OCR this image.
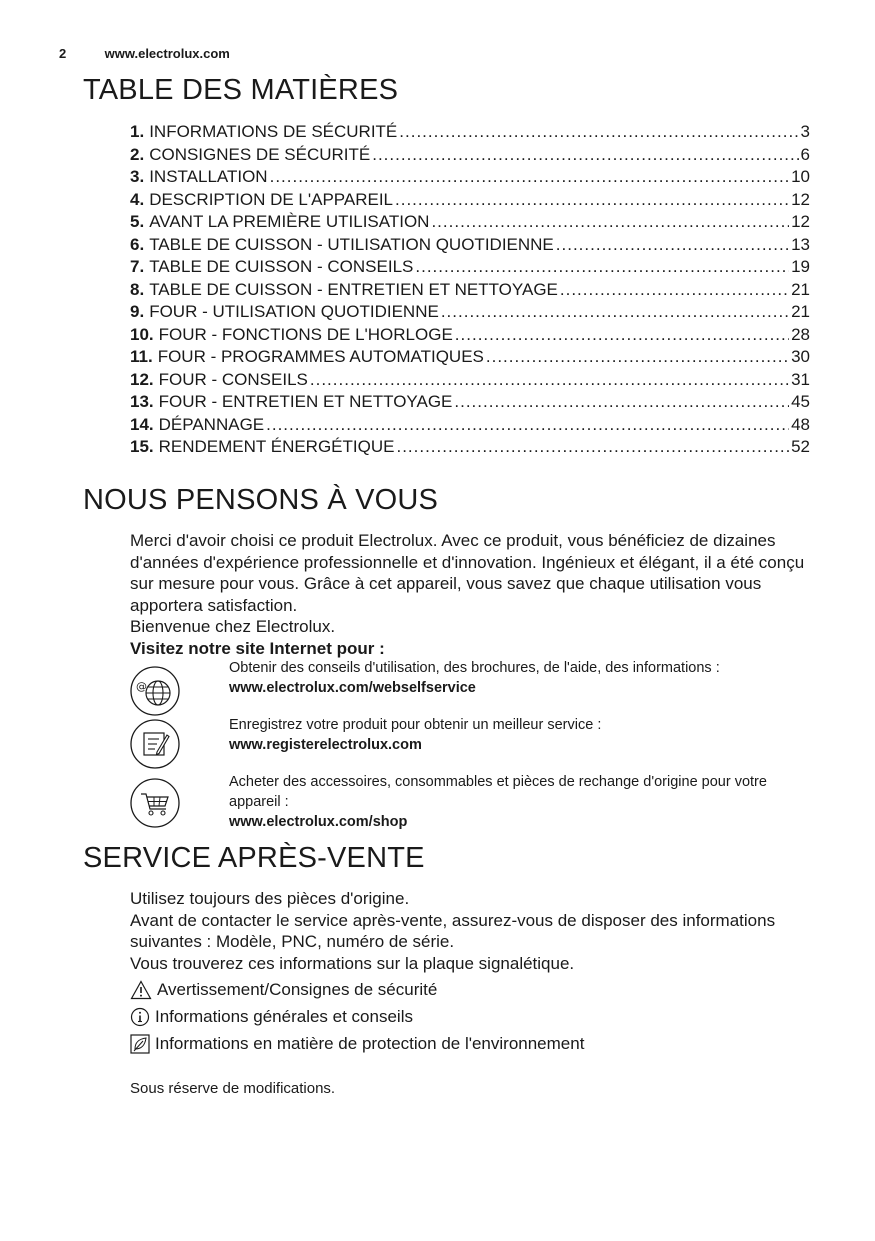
2	www.electrolux.com
TABLE DES MATIÈRES
1. INFORMATIONS DE SÉCURITÉ .....	3
2. CONSIGNES DE SÉCURITÉ .....	6
3. INSTALLATION .....	10
4. DESCRIPTION DE L'APPAREIL .....	12
5. AVANT LA PREMIÈRE UTILISATION .....	12
6. TABLE DE CUISSON - UTILISATION QUOTIDIENNE .....	13
7. TABLE DE CUISSON - CONSEILS .....	19
8. TABLE DE CUISSON - ENTRETIEN ET NETTOYAGE .....	21
9. FOUR - UTILISATION QUOTIDIENNE .....	21
10. FOUR - FONCTIONS DE L'HORLOGE .....	28
11. FOUR - PROGRAMMES AUTOMATIQUES .....	30
12. FOUR - CONSEILS .....	31
13. FOUR - ENTRETIEN ET NETTOYAGE .....	45
14. DÉPANNAGE .....	48
15. RENDEMENT ÉNERGÉTIQUE .....	52
NOUS PENSONS À VOUS

Merci d'avoir choisi ce produit Electrolux. Avec ce produit, vous bénéficiez de dizaines d'années d'expérience professionnelle et d'innovation. Ingénieux et élégant, il a été conçu sur mesure pour vous. Grâce à cet appareil, vous savez que chaque utilisation vous apportera satisfaction.

Bienvenue chez Electrolux.

Visitez notre site Internet pour :

@
Obtenir des conseils d'utilisation, des brochures, de l'aide, des informations :
www.electrolux.com/webselfservice
Enregistrez votre produit pour obtenir un meilleur service :
www.registerelectrolux.com
Acheter des accessoires, consommables et pièces de rechange d'origine pour votre appareil :
www.electrolux.com/shop
SERVICE APRÈS-VENTE

Utilisez toujours des pièces d'origine.

Avant de contacter le service après-vente, assurez-vous de disposer des informations suivantes : Modèle, PNC, numéro de série.

Vous trouverez ces informations sur la plaque signalétique.

Avertissement/Consignes de sécurité
Informations générales et conseils
Informations en matière de protection de l'environnement
Sous réserve de modifications.
